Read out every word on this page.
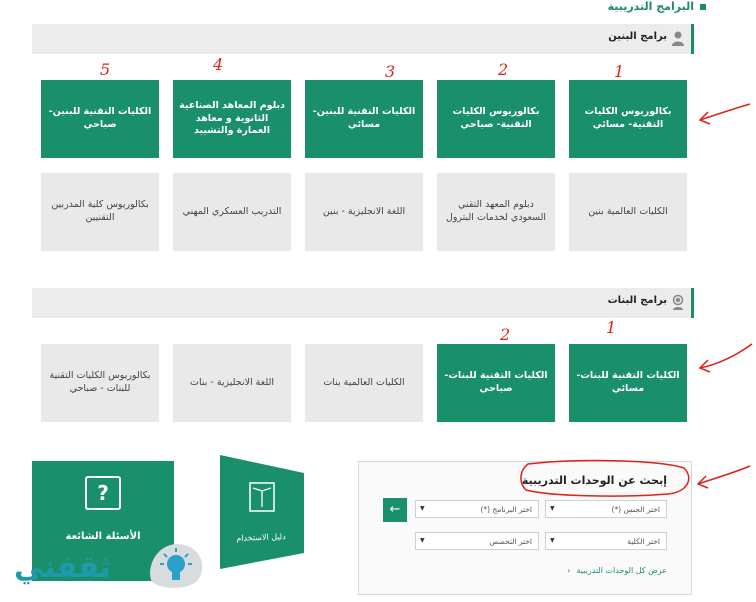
البرامج التدريبية
برامج البنين
بكالوريوس الكليات التقنية- مسائي
بكالوريوس الكليات التقنية- صباحي
الكليات التقنية للبنين- مسائي
دبلوم المعاهد الصناعية الثانوية و معاهد العمارة والتشييد
الكليات التقنية للبنين- صباحي
1
2
3
4
5
الكليات العالمية بنين
دبلوم المعهد التقني السعودي لخدمات البترول
اللغة الانجليزية - بنين
التدريب العسكري المهني
بكالوريوس كلية المدربين التقنيين
برامج البنات
الكليات التقنية للبنات- مسائي
الكليات التقنية للبنات- صباحي
1
2
الكليات العالمية بنات
اللغة الانجليزية - بنات
بكالوريوس الكليات التقنية للبنات - صباحي
?
الأسئلة الشائعة	دليل الاستخدام
ثقفني
إبحث عن الوحدات التدريبية
اختر الجنس (*)
▼
اختر البرنامج (*)
▼
اختر الكلية
▼
اختر التخصص
▼
←
عرض كل الوحدات التدريبية
‹
